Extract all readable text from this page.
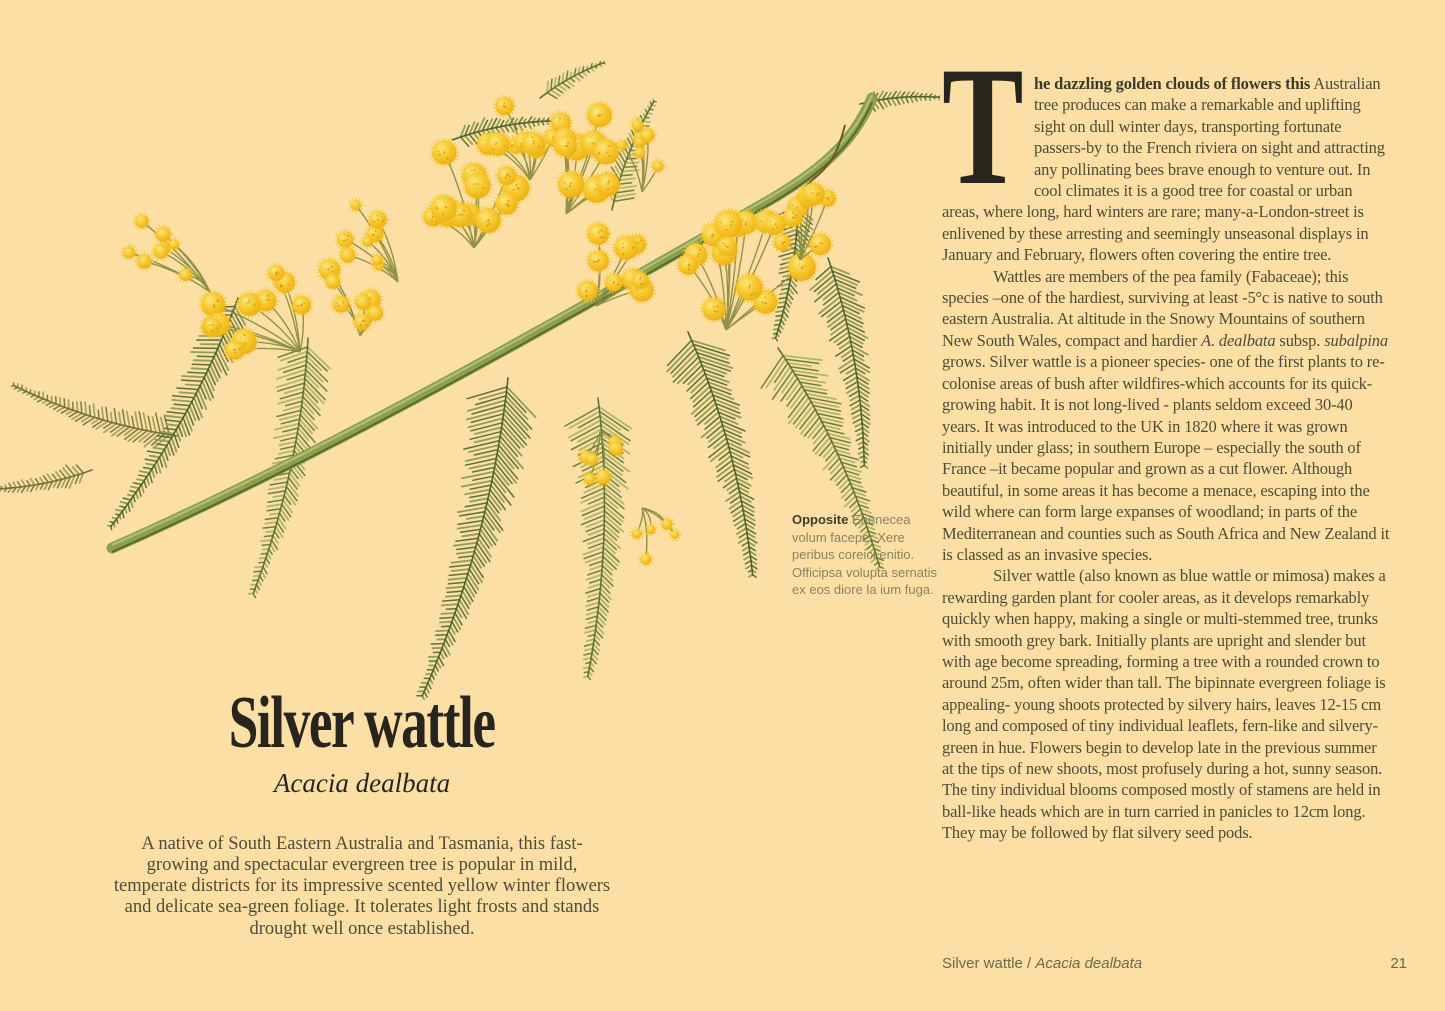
Opposite Ehenecea volum faceper Xere peribus coreici enitio. Officipsa volupta sernatis ex eos diore la ium fuga.

Silver wattle
Acacia dealbata

A native of South Eastern Australia and Tasmania, this fast-growing and spectacular evergreen tree is popular in mild, temperate districts for its impressive scented yellow winter flowers and delicate sea-green foliage. It tolerates light frosts and stands drought well once established.

T he dazzling golden clouds of flowers this Australian tree produces can make a remarkable and uplifting sight on dull winter days, transporting fortunate passers-by to the French riviera on sight and attracting any pollinating bees brave enough to venture out. In cool climates it is a good tree for coastal or urban areas, where long, hard winters are rare; many-a-London-street is enlivened by these arresting and seemingly unseasonal displays in January and February, flowers often covering the entire tree.

Wattles are members of the pea family (Fabaceae); this species –one of the hardiest, surviving at least -5°c is native to south eastern Australia. At altitude in the Snowy Mountains of southern New South Wales, compact and hardier A. dealbata subsp. subalpina grows. Silver wattle is a pioneer species- one of the first plants to re-colonise areas of bush after wildfires-which accounts for its quick-growing habit. It is not long-lived - plants seldom exceed 30-40 years. It was introduced to the UK in 1820 where it was grown initially under glass; in southern Europe – especially the south of France –it became popular and grown as a cut flower. Although beautiful, in some areas it has become a menace, escaping into the wild where can form large expanses of woodland; in parts of the Mediterranean and counties such as South Africa and New Zealand it is classed as an invasive species.

Silver wattle (also known as blue wattle or mimosa) makes a rewarding garden plant for cooler areas, as it develops remarkably quickly when happy, making a single or multi-stemmed tree, trunks with smooth grey bark. Initially plants are upright and slender but with age become spreading, forming a tree with a rounded crown to around 25m, often wider than tall. The bipinnate evergreen foliage is appealing- young shoots protected by silvery hairs, leaves 12-15 cm long and composed of tiny individual leaflets, fern-like and silvery-green in hue. Flowers begin to develop late in the previous summer at the tips of new shoots, most profusely during a hot, sunny season. The tiny individual blooms composed mostly of stamens are held in ball-like heads which are in turn carried in panicles to 12cm long. They may be followed by flat silvery seed pods.

Silver wattle / Acacia dealbata	21
